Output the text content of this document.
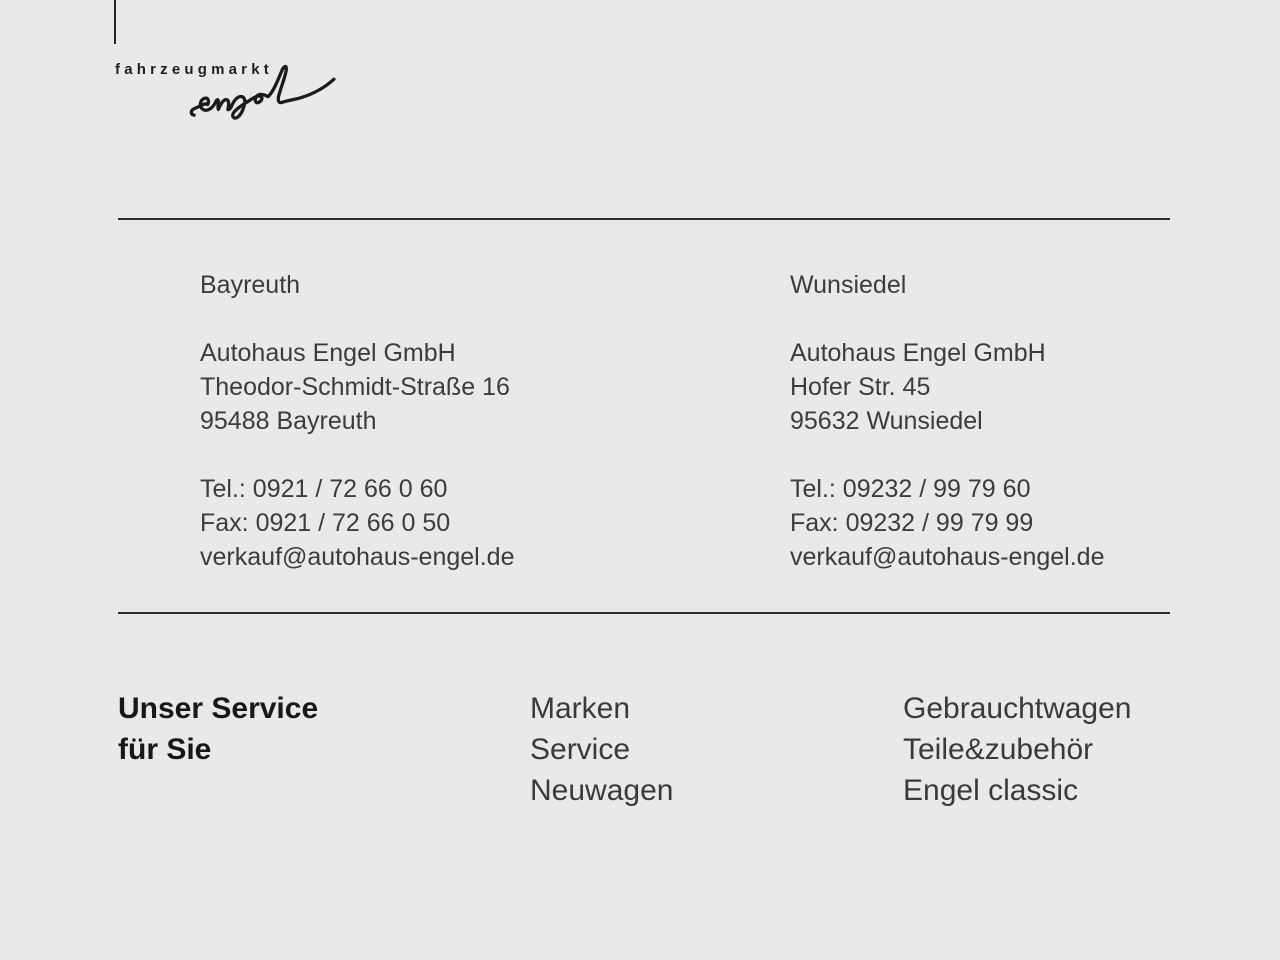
fahrzeugmarkt
Bayreuth
Autohaus Engel GmbH
Theodor-Schmidt-Straße 16
95488 Bayreuth
Tel.: 0921 / 72 66 0 60
Fax: 0921 / 72 66 0 50
verkauf@autohaus-engel.de
Wunsiedel
Autohaus Engel GmbH
Hofer Str. 45
95632 Wunsiedel
Tel.: 09232 / 99 79 60
Fax: 09232 / 99 79 99
verkauf@autohaus-engel.de
Unser Service
für Sie
Marken
Service
Neuwagen
Gebrauchtwagen
Teile&zubehör
Engel classic
